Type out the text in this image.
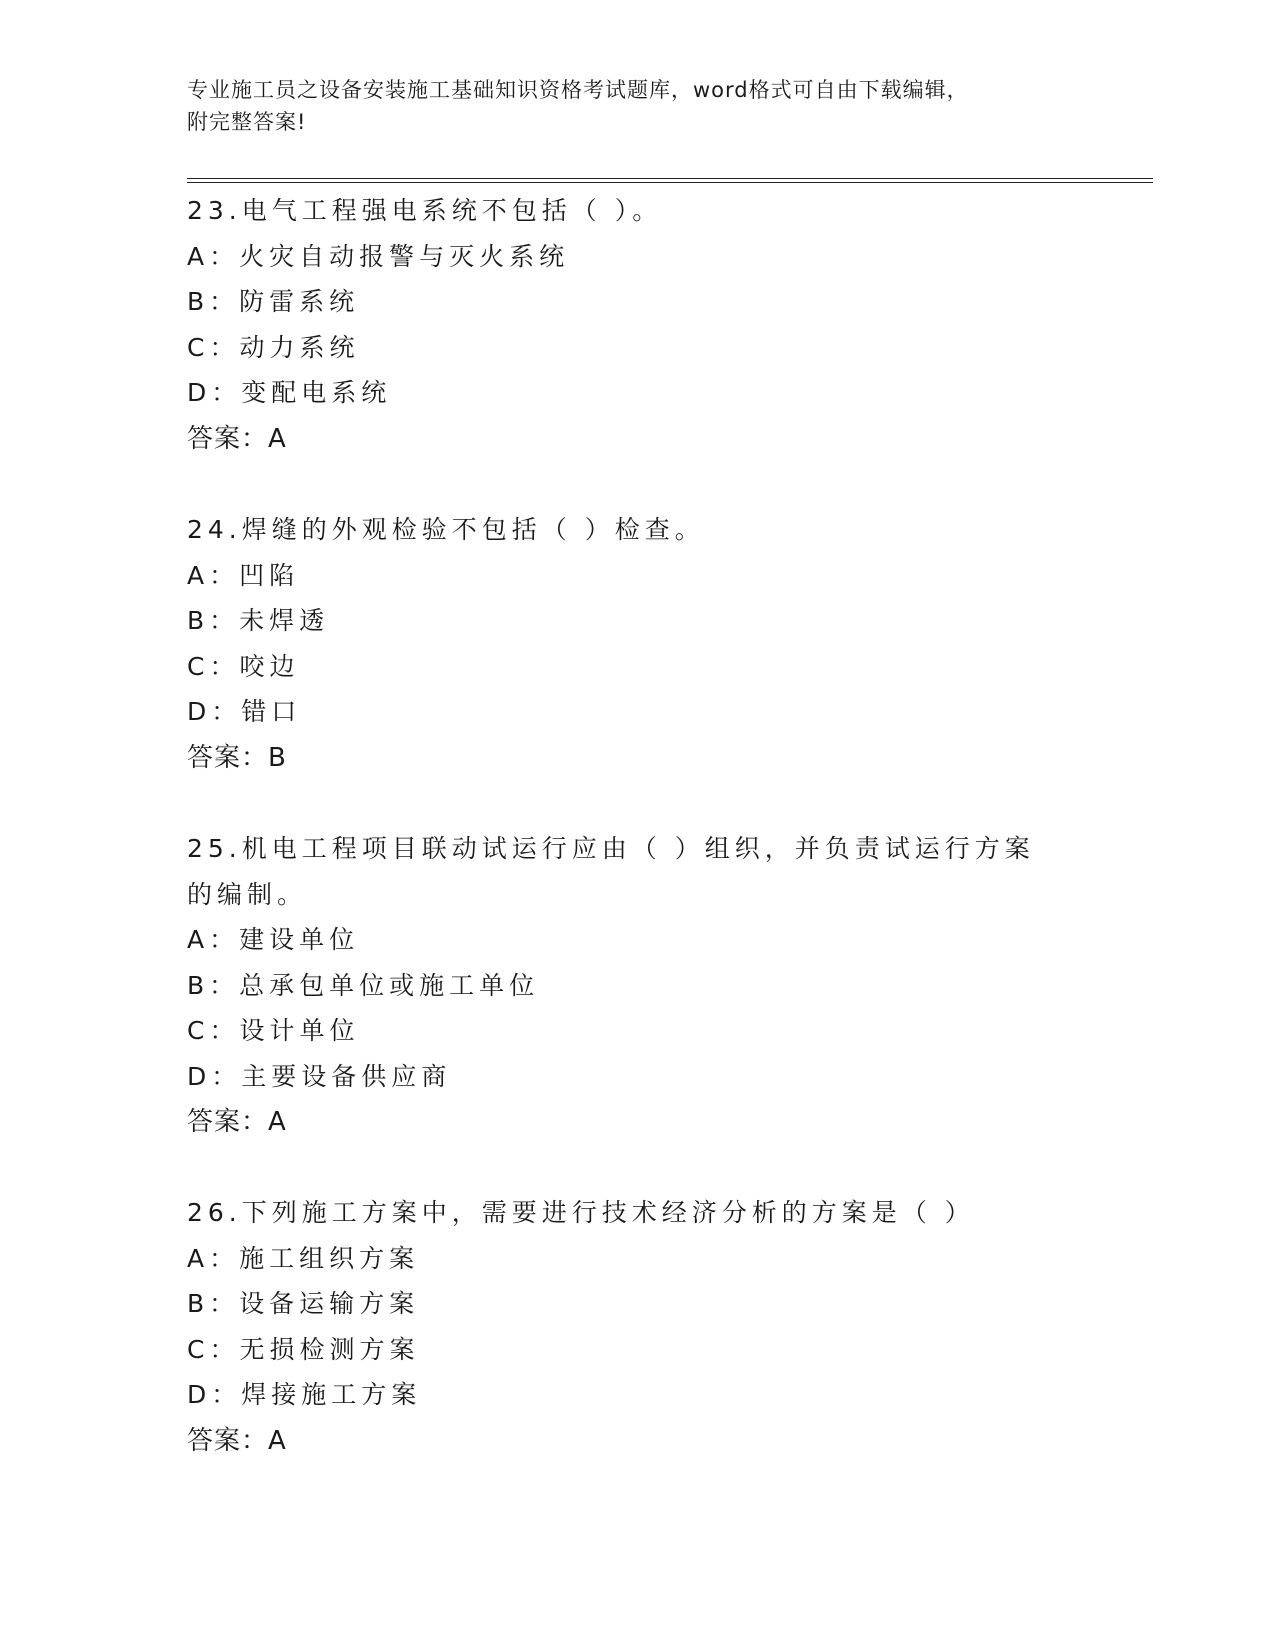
专业施工员之设备安装施工基础知识资格考试题库，word格式可自由下载编辑，
附完整答案!
23.电气工程强电系统不包括（ ）。
A：火灾自动报警与灭火系统
B：防雷系统
C：动力系统
D：变配电系统
答案：A
24.焊缝的外观检验不包括（ ）检查。
A：凹陷
B：未焊透
C：咬边
D：错口
答案：B
25.机电工程项目联动试运行应由（ ）组织，并负责试运行方案的编制。
A：建设单位
B：总承包单位或施工单位
C：设计单位
D：主要设备供应商
答案：A
26.下列施工方案中，需要进行技术经济分析的方案是（ ）
A：施工组织方案
B：设备运输方案
C：无损检测方案
D：焊接施工方案
答案：A
